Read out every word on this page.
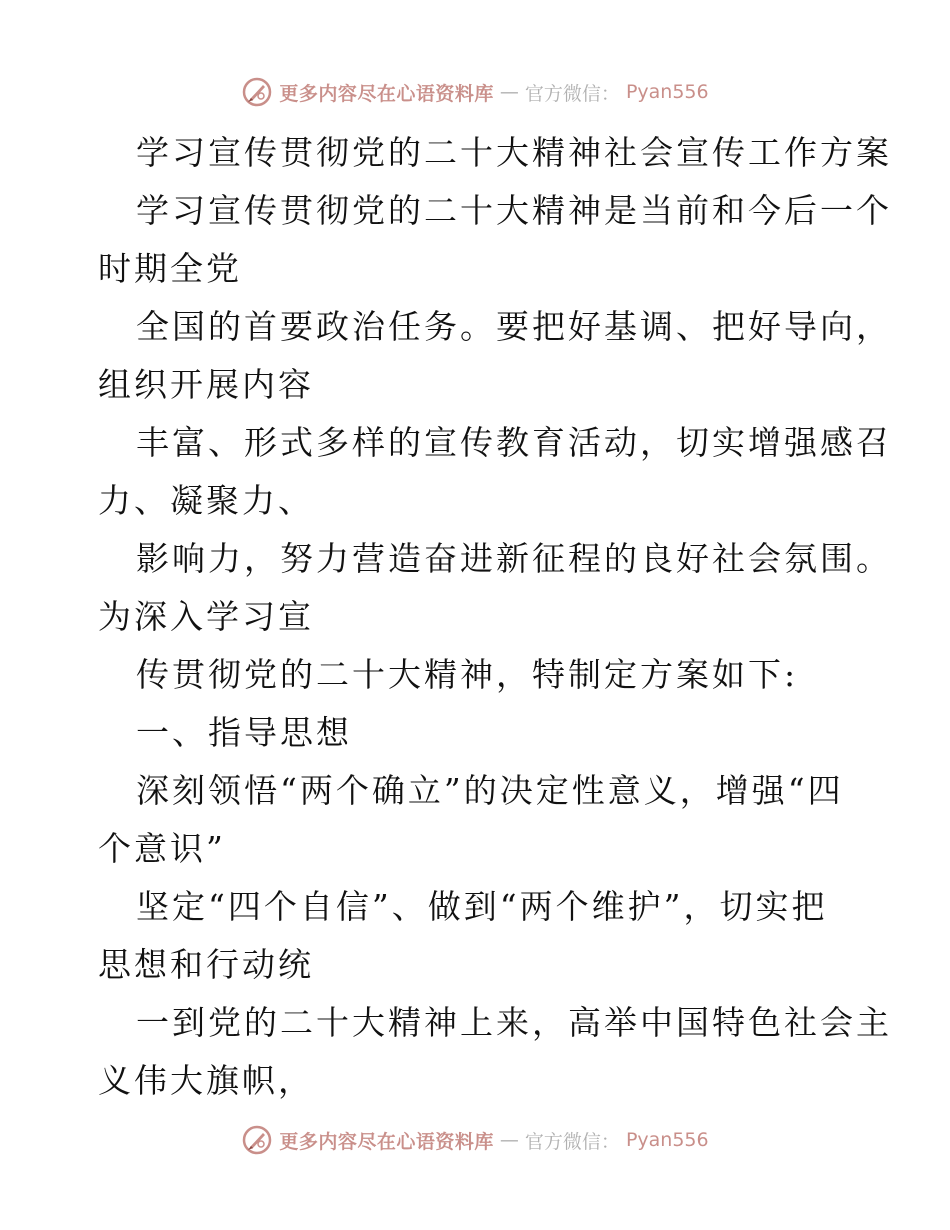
更多内容尽在心语资料库 — 官方微信： Pyan556
学习宣传贯彻党的二十大精神社会宣传工作方案
学习宣传贯彻党的二十大精神是当前和今后一个
时期全党
全国的首要政治任务。要把好基调、把好导向，
组织开展内容
丰富、形式多样的宣传教育活动，切实增强感召
力、凝聚力、
影响力，努力营造奋进新征程的良好社会氛围。
为深入学习宣
传贯彻党的二十大精神，特制定方案如下:
一、指导思想
深刻领悟“两个确立”的决定性意义，增强“四
个意识”
坚定“四个自信”、做到“两个维护”，切实把
思想和行动统
一到党的二十大精神上来，高举中国特色社会主
义伟大旗帜，
更多内容尽在心语资料库 — 官方微信： Pyan556
